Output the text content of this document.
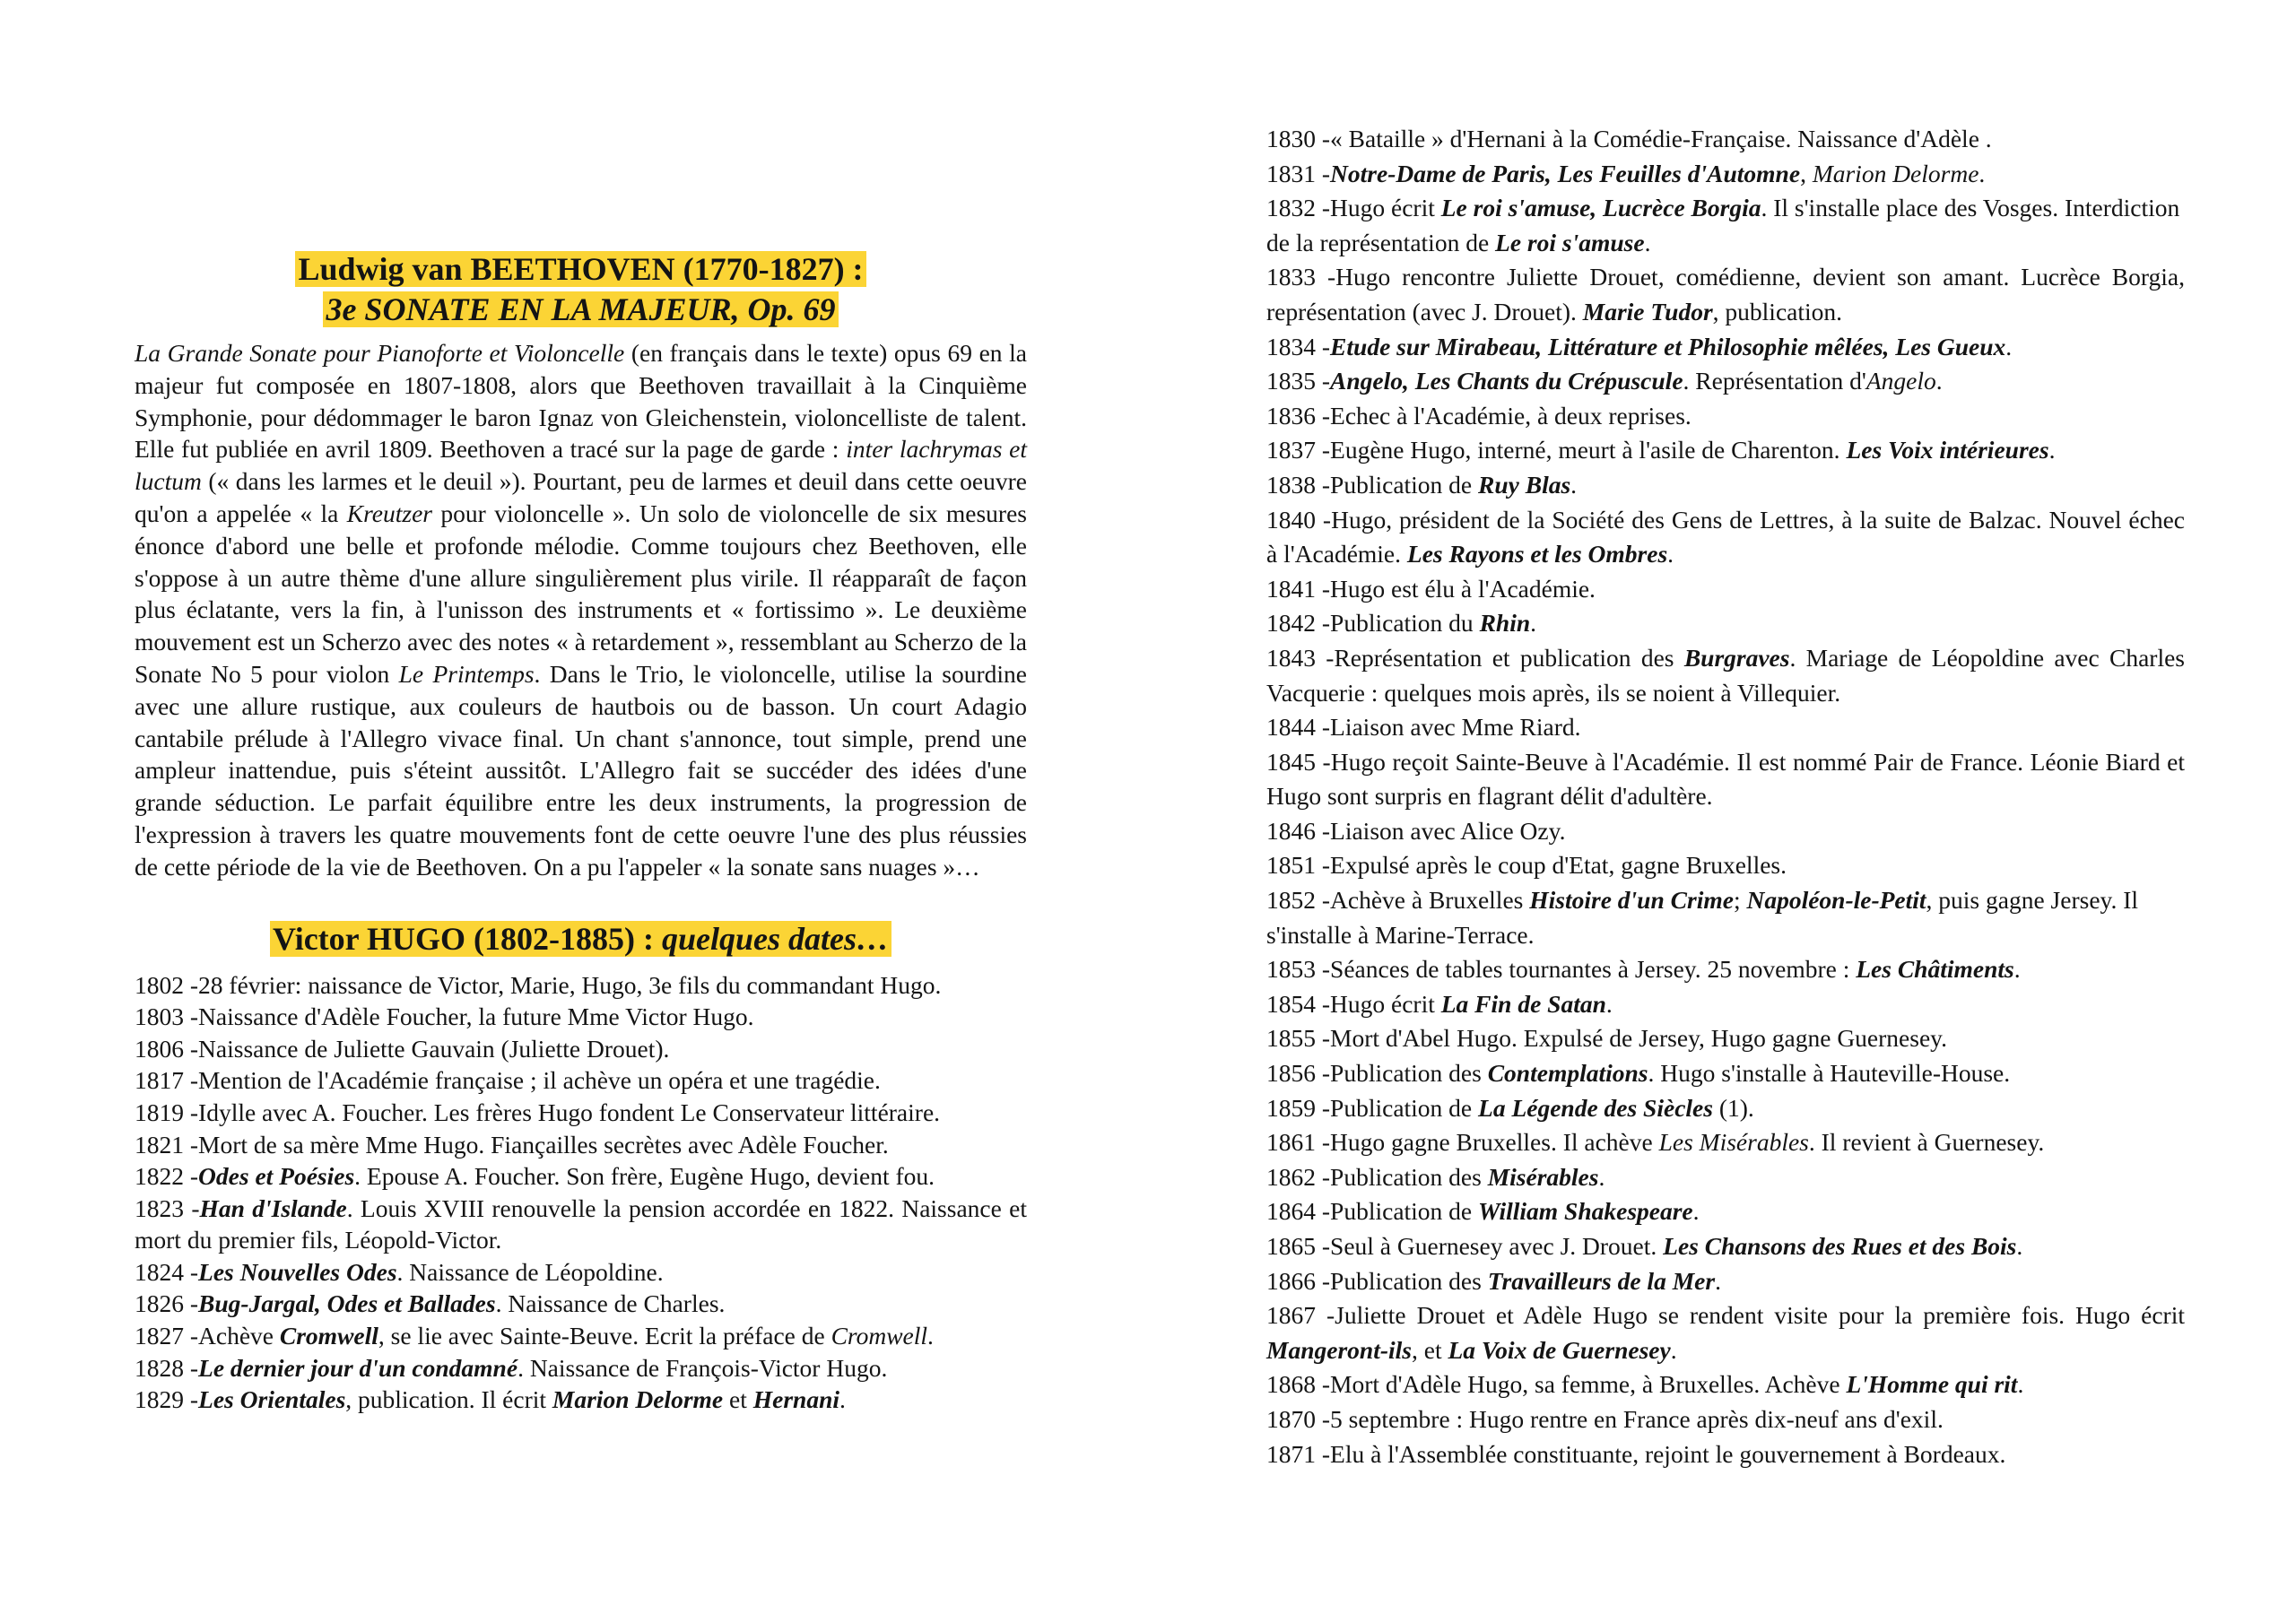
Ludwig van BEETHOVEN (1770-1827) :
3e SONATE EN LA MAJEUR, Op. 69

La Grande Sonate pour Pianoforte et Violoncelle (en français dans le texte) opus 69 en la majeur fut composée en 1807-1808, alors que Beethoven travaillait à la Cinquième Symphonie, pour dédommager le baron Ignaz von Gleichenstein, violoncelliste de talent. Elle fut publiée en avril 1809. Beethoven a tracé sur la page de garde : inter lachrymas et luctum (« dans les larmes et le deuil »). Pourtant, peu de larmes et deuil dans cette oeuvre qu'on a appelée « la Kreutzer pour violoncelle ». Un solo de violoncelle de six mesures énonce d'abord une belle et profonde mélodie. Comme toujours chez Beethoven, elle s'oppose à un autre thème d'une allure singulièrement plus virile. Il réapparaît de façon plus éclatante, vers la fin, à l'unisson des instruments et « fortissimo ». Le deuxième mouvement est un Scherzo avec des notes « à retardement », ressemblant au Scherzo de la Sonate No 5 pour violon Le Printemps. Dans le Trio, le violoncelle, utilise la sourdine avec une allure rustique, aux couleurs de hautbois ou de basson. Un court Adagio cantabile prélude à l'Allegro vivace final. Un chant s'annonce, tout simple, prend une ampleur inattendue, puis s'éteint aussitôt. L'Allegro fait se succéder des idées d'une grande séduction. Le parfait équilibre entre les deux instruments, la progression de l'expression à travers les quatre mouvements font de cette oeuvre l'une des plus réussies de cette période de la vie de Beethoven. On a pu l'appeler « la sonate sans nuages »…

Victor HUGO (1802-1885) : quelques dates…

1802 -28 février: naissance de Victor, Marie, Hugo, 3e fils du commandant Hugo.

1803 -Naissance d'Adèle Foucher, la future Mme Victor Hugo.

1806 -Naissance de Juliette Gauvain (Juliette Drouet).

1817 -Mention de l'Académie française ; il achève un opéra et une tragédie.

1819 -Idylle avec A. Foucher. Les frères Hugo fondent Le Conservateur littéraire.

1821 -Mort de sa mère Mme Hugo. Fiançailles secrètes avec Adèle Foucher.

1822 -Odes et Poésies. Epouse A. Foucher. Son frère, Eugène Hugo, devient fou.

1823 -Han d'Islande. Louis XVIII renouvelle la pension accordée en 1822. Naissance et mort du premier fils, Léopold-Victor.

1824 -Les Nouvelles Odes. Naissance de Léopoldine.

1826 -Bug-Jargal, Odes et Ballades. Naissance de Charles.

1827 -Achève Cromwell, se lie avec Sainte-Beuve. Ecrit la préface de Cromwell.

1828 -Le dernier jour d'un condamné. Naissance de François-Victor Hugo.

1829 -Les Orientales, publication. Il écrit Marion Delorme et Hernani.

1830 -« Bataille » d'Hernani à la Comédie-Française. Naissance d'Adèle .

1831 -Notre-Dame de Paris, Les Feuilles d'Automne, Marion Delorme.

1832 -Hugo écrit Le roi s'amuse, Lucrèce Borgia. Il s'installe place des Vosges. Interdiction de la représentation de Le roi s'amuse.

1833 -Hugo rencontre Juliette Drouet, comédienne, devient son amant. Lucrèce Borgia, représentation (avec J. Drouet). Marie Tudor, publication.

1834 -Etude sur Mirabeau, Littérature et Philosophie mêlées, Les Gueux.

1835 -Angelo, Les Chants du Crépuscule. Représentation d'Angelo.

1836 -Echec à l'Académie, à deux reprises.

1837 -Eugène Hugo, interné, meurt à l'asile de Charenton. Les Voix intérieures.

1838 -Publication de Ruy Blas.

1840 -Hugo, président de la Société des Gens de Lettres, à la suite de Balzac. Nouvel échec à l'Académie. Les Rayons et les Ombres.

1841 -Hugo est élu à l'Académie.

1842 -Publication du Rhin.

1843 -Représentation et publication des Burgraves. Mariage de Léopoldine avec Charles Vacquerie : quelques mois après, ils se noient à Villequier.

1844 -Liaison avec Mme Riard.

1845 -Hugo reçoit Sainte-Beuve à l'Académie. Il est nommé Pair de France. Léonie Biard et Hugo sont surpris en flagrant délit d'adultère.

1846 -Liaison avec Alice Ozy.

1851 -Expulsé après le coup d'Etat, gagne Bruxelles.

1852 -Achève à Bruxelles Histoire d'un Crime; Napoléon-le-Petit, puis gagne Jersey. Il s'installe à Marine-Terrace.

1853 -Séances de tables tournantes à Jersey. 25 novembre : Les Châtiments.

1854 -Hugo écrit La Fin de Satan.

1855 -Mort d'Abel Hugo. Expulsé de Jersey, Hugo gagne Guernesey.

1856 -Publication des Contemplations. Hugo s'installe à Hauteville-House.

1859 -Publication de La Légende des Siècles (1).

1861 -Hugo gagne Bruxelles. Il achève Les Misérables. Il revient à Guernesey.

1862 -Publication des Misérables.

1864 -Publication de William Shakespeare.

1865 -Seul à Guernesey avec J. Drouet. Les Chansons des Rues et des Bois.

1866 -Publication des Travailleurs de la Mer.

1867 -Juliette Drouet et Adèle Hugo se rendent visite pour la première fois. Hugo écrit Mangeront-ils, et La Voix de Guernesey.

1868 -Mort d'Adèle Hugo, sa femme, à Bruxelles. Achève L'Homme qui rit.

1870 -5 septembre : Hugo rentre en France après dix-neuf ans d'exil.

1871 -Elu à l'Assemblée constituante, rejoint le gouvernement à Bordeaux.
